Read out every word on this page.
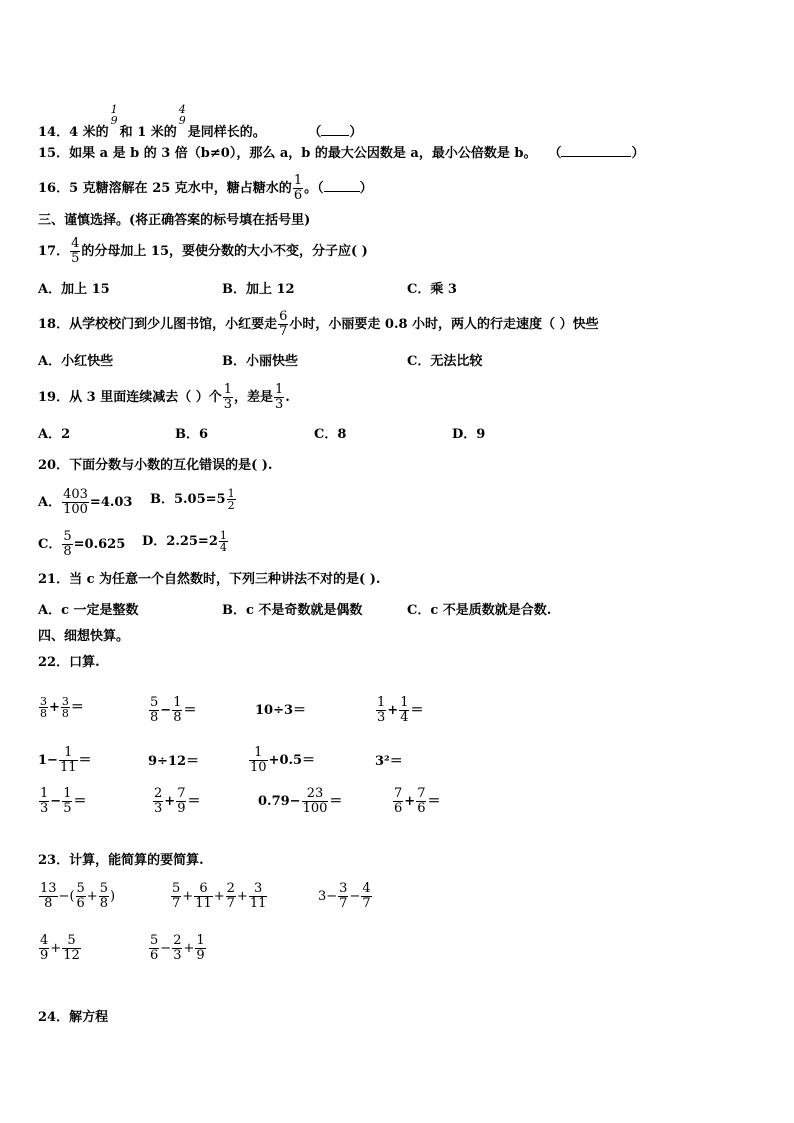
14．4 米的
1
9
和 1 米的
4
9
是同样长的。	（ ）
15．如果 a 是 b 的 3 倍（b≠0），那么 a，b 的最大公因数是 a，最小公倍数是 b。 （	）
16．5 克糖溶解在 25 克水中，糖占糖水的 $\frac{1}{6}$ 。（	）
三、谨慎选择。(将正确答案的标号填在括号里)
17． $\frac{4}{5}$ 的分母加上 15，要使分数的大小不变，分子应( )
A．加上 15	B．加上 12	C．乘 3
18．从学校校门到少儿图书馆，小红要走 $\frac{6}{7}$ 小时，小丽要走 0.8 小时，两人的行走速度（ ）快些
A．小红快些	B．小丽快些	C．无法比较
19．从 3 里面连续减去（ ）个 $\frac{1}{3}$ ，差是 $\frac{1}{3}$ .
A．2	B．6	C．8	D．9
20．下面分数与小数的互化错误的是( ).
A． $\frac{403}{100} =4.03$ B．$5.05=5 \frac{1}{2}$
C． $\frac{5}{8} =0.625$ D．$2.25=2 \frac{1}{4}$
21．当 c 为任意一个自然数时，下列三种讲法不对的是( ).
A．c 一定是整数	B．c 不是奇数就是偶数	C．c 不是质数就是合数.
四、细想快算。
22．口算.
$\frac{3}{8} + \frac{3}{8}$ ＝	$\frac{5}{8} - \frac{1}{8}$ ＝	10÷3＝	$\frac{1}{3} + \frac{1}{4}$ ＝
$1- \frac{1}{11}$ ＝	9÷12＝	$\frac{1}{10} +0.5=$	3²＝
$\frac{1}{3} - \frac{1}{5}$ ＝	$\frac{2}{3} + \frac{7}{9}$ ＝	$0.79- \frac{23}{100}$ ＝	$\frac{7}{6} + \frac{7}{6}$ ＝
23．计算，能简算的要简算.
$\frac{13}{8}$ −( $\frac{5}{6} + \frac{5}{8}$ )	$\frac{5}{7} + \frac{6}{11} + \frac{2}{7} + \frac{3}{11}$	$3- \frac{3}{7} - \frac{4}{7}$
$\frac{4}{9} + \frac{5}{12}$	$\frac{5}{6} - \frac{2}{3} + \frac{1}{9}$
24．解方程
